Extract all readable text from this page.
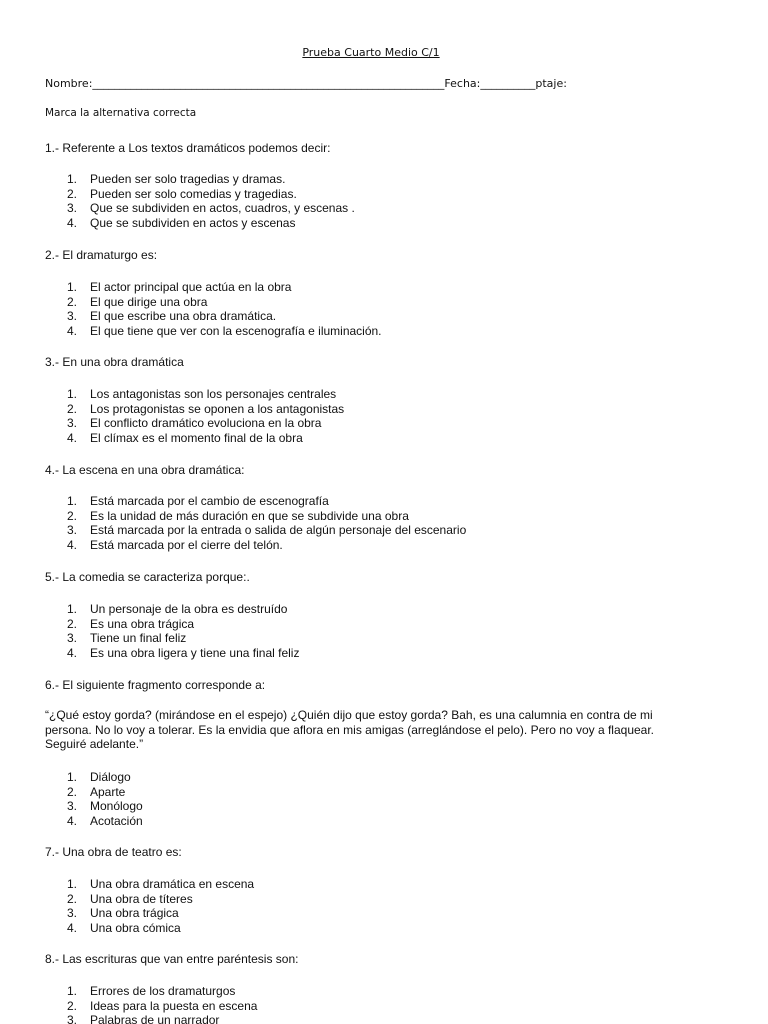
Prueba Cuarto Medio C/1
Nombre:________________________________________________________________Fecha:__________ptaje:
Marca la alternativa correcta
1.- Referente a Los textos dramáticos podemos decir:
1.	Pueden ser solo tragedias y dramas.
2.	Pueden ser solo comedias y tragedias.
3.	Que se subdividen en actos, cuadros, y escenas .
4.	Que se subdividen en actos y escenas
2.- El dramaturgo es:
1.	El actor principal que actúa en la obra
2.	El que dirige una obra
3.	El que escribe una obra dramática.
4.	El que tiene que ver con la escenografía e iluminación.
3.- En una obra dramática
1.	Los antagonistas son los personajes centrales
2.	Los protagonistas se oponen a los antagonistas
3.	El conflicto dramático evoluciona en la obra
4.	El clímax es el momento final de la obra
4.- La escena en una obra dramática:
1.	Está marcada por el cambio de escenografía
2.	Es la unidad de más duración en que se subdivide una obra
3.	Está marcada por la entrada o salida de algún personaje del escenario
4.	Está marcada por el cierre del telón.
5.- La comedia se caracteriza porque:.
1.	Un personaje de la obra es destruído
2.	Es una obra trágica
3.	Tiene un final feliz
4.	Es una obra ligera y tiene una final feliz
6.- El siguiente fragmento corresponde a:
“¿Qué estoy gorda? (mirándose en el espejo) ¿Quién dijo que estoy gorda? Bah, es una calumnia en contra de mi persona. No lo voy a tolerar. Es la envidia que aflora en mis amigas (arreglándose el pelo). Pero no voy a flaquear. Seguiré adelante.”
1.	Diálogo
2.	Aparte
3.	Monólogo
4.	Acotación
7.- Una obra de teatro es:
1.	Una obra dramática en escena
2.	Una obra de títeres
3.	Una obra trágica
4.	Una obra cómica
8.- Las escrituras que van entre paréntesis son:
1.	Errores de los dramaturgos
2.	Ideas para la puesta en escena
3.	Palabras de un narrador
